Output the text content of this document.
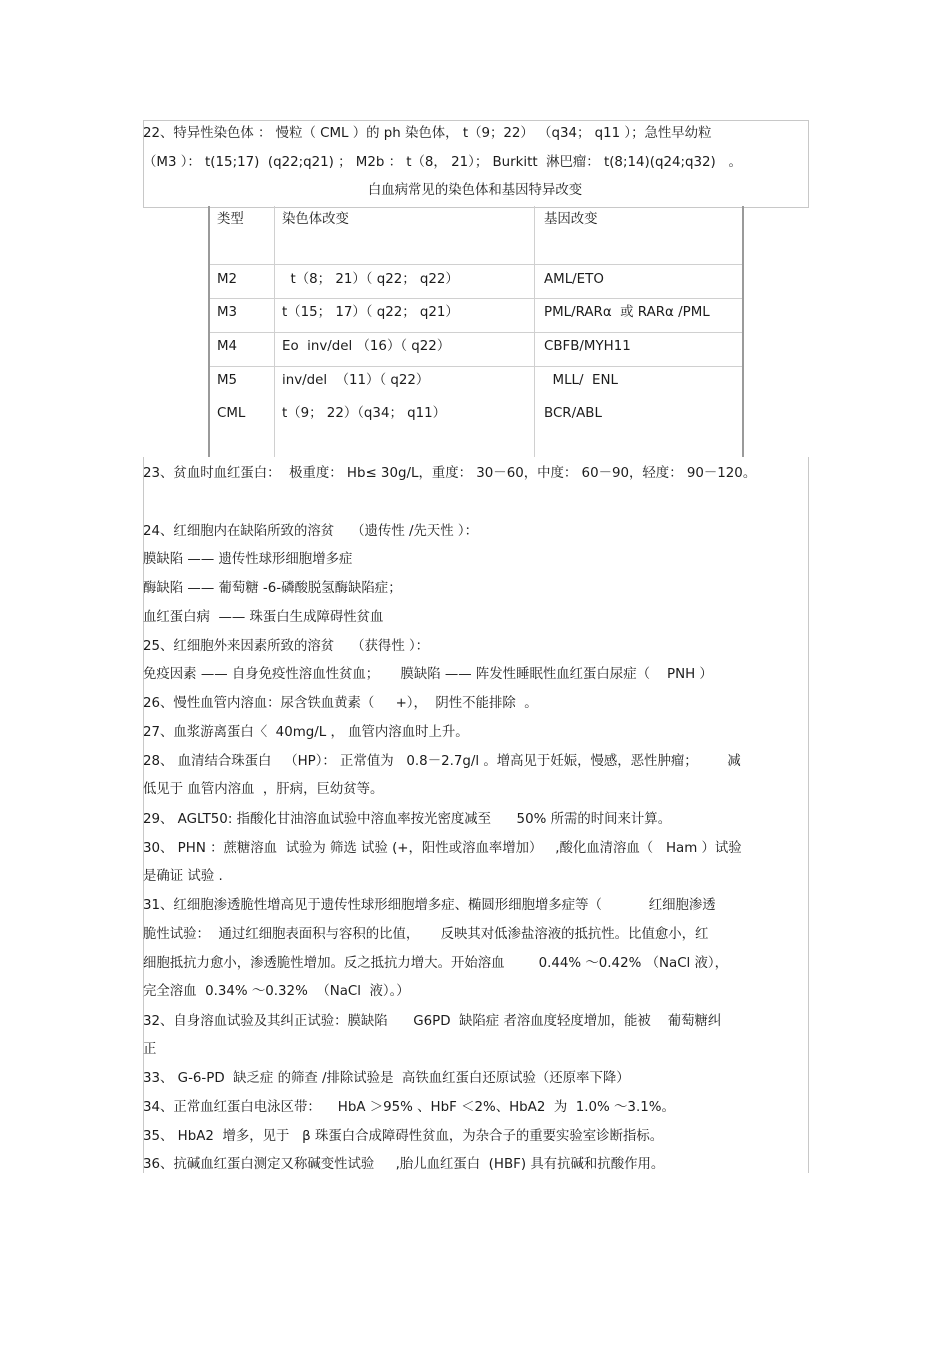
22、特异性染色体 ： 慢粒（ CML ）的 ph 染色体， t（9；22） （q34； q11 ）；急性早幼粒
（M3 ）： t(15;17)  (q22;q21) ； M2b ： t（8， 21）； Burkitt  淋巴瘤： t(8;14)(q24;q32)   。
白血病常见的染色体和基因特异改变
类型	染色体改变	基因改变
M2	t（8； 21）（ q22； q22）	AML/ETO
M3	t（15； 17）（ q22； q21）	PML/RARα  或 RARα /PML
M4	Eo  inv/del （16）（ q22）	CBFB/MYH11
M5	inv/del  （11）（ q22）	MLL/  ENL
CML	t（9； 22）（q34； q11）	BCR/ABL
23、贫血时血红蛋白：  极重度： Hb≤ 30g/L，重度： 30－60，中度： 60－90，轻度： 90－120。
24、红细胞内在缺陷所致的溶贫    （遗传性 /先天性 ）：
膜缺陷 —— 遗传性球形细胞增多症
酶缺陷 —— 葡萄糖 -6-磷酸脱氢酶缺陷症；
血红蛋白病  —— 珠蛋白生成障碍性贫血
25、红细胞外来因素所致的溶贫    （获得性 ）：
免疫因素 —— 自身免疫性溶血性贫血；     膜缺陷 —— 阵发性睡眠性血红蛋白尿症（    PNH ）
26、慢性血管内溶血：尿含铁血黄素（     +），  阴性不能排除  。
27、血浆游离蛋白〈  40mg/L ， 血管内溶血时上升。
28、 血清结合珠蛋白   （HP）： 正常值为   0.8－2.7g/l 。增高见于妊娠，慢感，恶性肿瘤；       减
低见于 血管内溶血  ，肝病，巨幼贫等。
29、 AGLT50: 指酸化甘油溶血试验中溶血率按光密度减至      50% 所需的时间来计算。
30、 PHN ：蔗糖溶血  试验为 筛选 试验 (+，阳性或溶血率增加）   ,酸化血清溶血（   Ham ）试验
是确证 试验 .
31、红细胞渗透脆性增高见于遗传性球形细胞增多症、椭圆形细胞增多症等（           红细胞渗透
脆性试验：  通过红细胞表面积与容积的比值，     反映其对低渗盐溶液的抵抗性。比值愈小，红
细胞抵抗力愈小，渗透脆性增加。反之抵抗力增大。开始溶血        0.44% ～0.42% （NaCl 液），
完全溶血  0.34% ～0.32%  （NaCl  液）。）
32、自身溶血试验及其纠正试验：膜缺陷      G6PD  缺陷症 者溶血度轻度增加，能被    葡萄糖纠
正
33、 G-6-PD  缺乏症 的筛查 /排除试验是  高铁血红蛋白还原试验（还原率下降）
34、正常血红蛋白电泳区带：    HbA ＞95% 、HbF ＜2%、HbA2  为  1.0% ～3.1%。
35、 HbA2  增多，见于   β 珠蛋白合成障碍性贫血，为杂合子的重要实验室诊断指标。
36、抗碱血红蛋白测定又称碱变性试验     ,胎儿血红蛋白  (HBF) 具有抗碱和抗酸作用。
